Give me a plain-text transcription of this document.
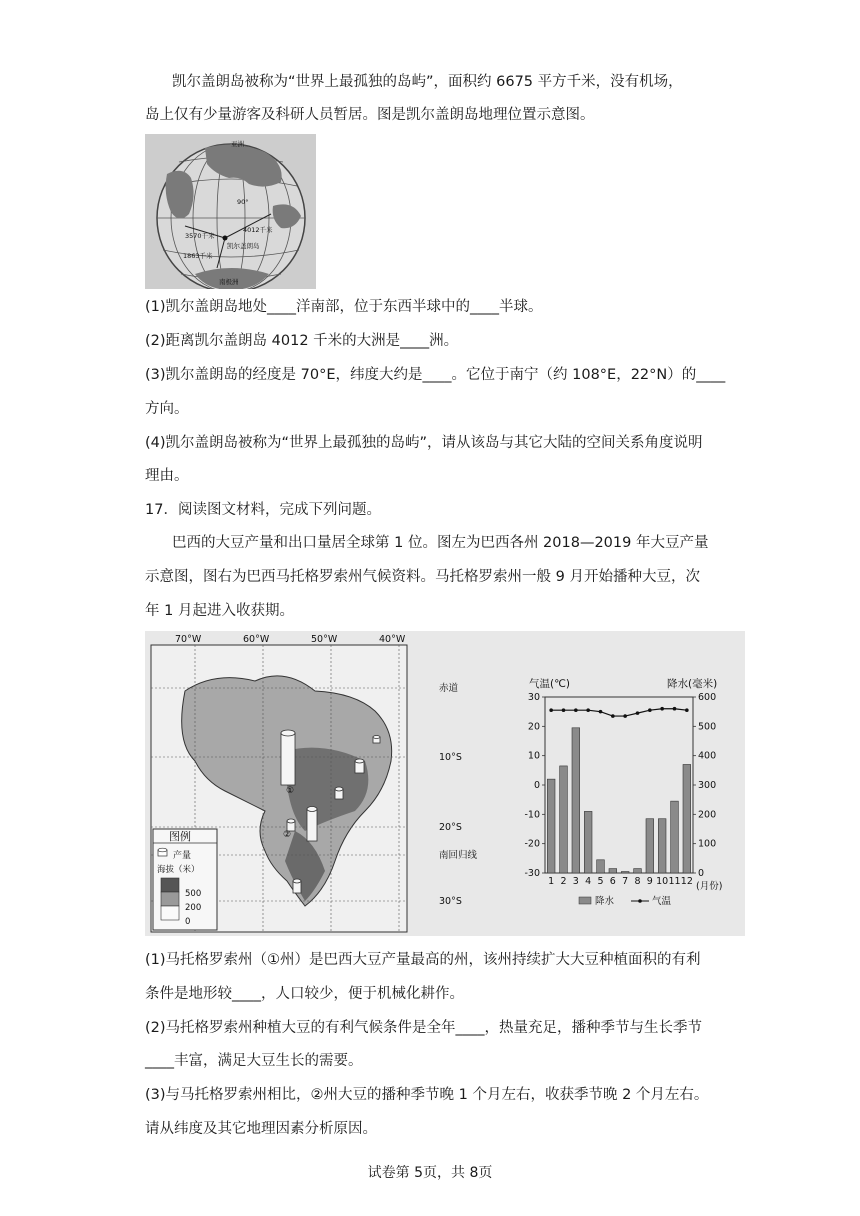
凯尔盖朗岛被称为“世界上最孤独的岛屿”，面积约 6675 平方千米，没有机场，

岛上仅有少量游客及科研人员暂居。图是凯尔盖朗岛地理位置示意图。

亚洲
90°
3570千米
4012千米
凯尔盖朗岛
1863千米
南极洲

(1)凯尔盖朗岛地处____洋南部，位于东西半球中的____半球。

(2)距离凯尔盖朗岛 4012 千米的大洲是____洲。

(3)凯尔盖朗岛的经度是 70°E，纬度大约是____。它位于南宁（约 108°E，22°N）的____

方向。

(4)凯尔盖朗岛被称为“世界上最孤独的岛屿”，请从该岛与其它大陆的空间关系角度说明

理由。

17．阅读图文材料，完成下列问题。

巴西的大豆产量和出口量居全球第 1 位。图左为巴西各州 2018—2019 年大豆产量

示意图，图右为巴西马托格罗索州气候资料。马托格罗索州一般 9 月开始播种大豆，次

年 1 月起进入收获期。

①
②
70°W	60°W	50°W	40°W
赤道
10°S
20°S
南回归线
30°S
图例
产量
海拔（米）
500
200
0
气温(℃)	降水(毫米)
30
20
10
0
-10
-20
-30
600
500
400
300
200
100
0
1 2 3 4 5 6 7 8 9 10 11 12 (月份)
降水	气温

(1)马托格罗索州（①州）是巴西大豆产量最高的州，该州持续扩大大豆种植面积的有利

条件是地形较____，人口较少，便于机械化耕作。

(2)马托格罗索州种植大豆的有利气候条件是全年____，热量充足，播种季节与生长季节

____丰富，满足大豆生长的需要。

(3)与马托格罗索州相比，②州大豆的播种季节晚 1 个月左右，收获季节晚 2 个月左右。

请从纬度及其它地理因素分析原因。

试卷第 5页，共 8页
